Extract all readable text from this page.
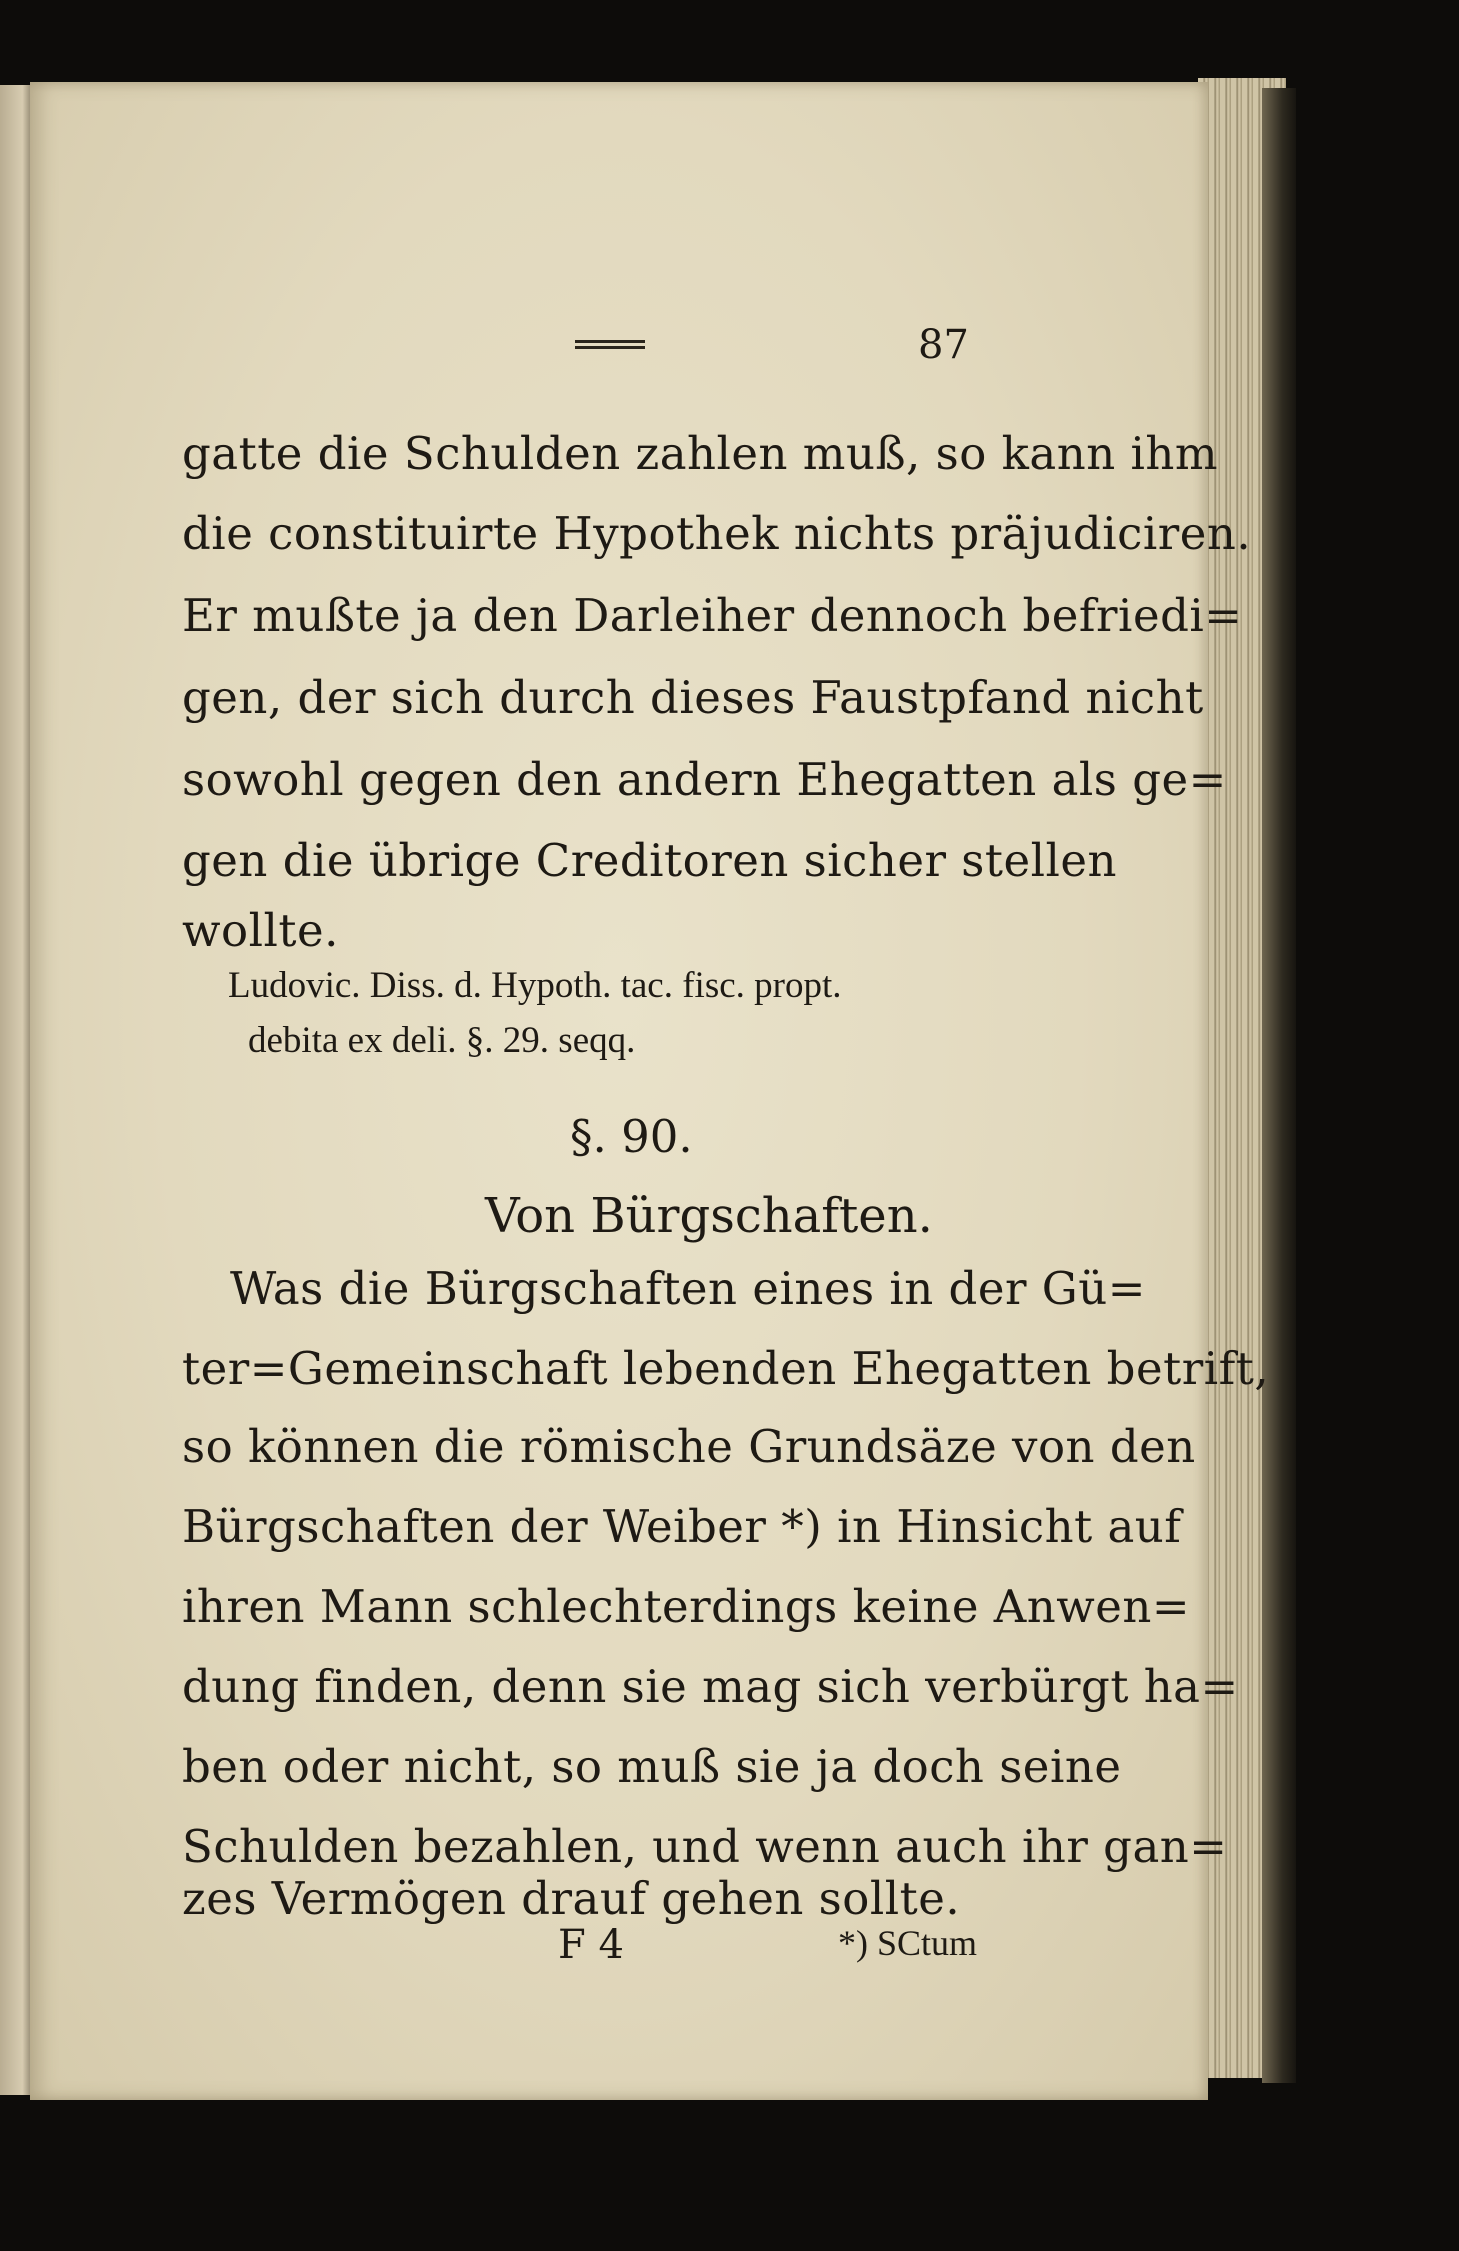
87
gatte die Schulden zahlen muß, so kann ihm
die constituirte Hypothek nichts präjudiciren.
Er mußte ja den Darleiher dennoch befriedi=
gen, der sich durch dieses Faustpfand nicht
sowohl gegen den andern Ehegatten als ge=
gen die übrige Creditoren sicher stellen
wollte.
Ludovic. Diss. d. Hypoth. tac. fisc. propt.
debita ex deli. §. 29. seqq.
§. 90.
Von Bürgschaften.
Was die Bürgschaften eines in der Gü=
ter=Gemeinschaft lebenden Ehegatten betrift,
so können die römische Grundsäze von den
Bürgschaften der Weiber *) in Hinsicht auf
ihren Mann schlechterdings keine Anwen=
dung finden, denn sie mag sich verbürgt ha=
ben oder nicht, so muß sie ja doch seine
Schulden bezahlen, und wenn auch ihr gan=
zes Vermögen drauf gehen sollte.
F 4	*) SCtum
